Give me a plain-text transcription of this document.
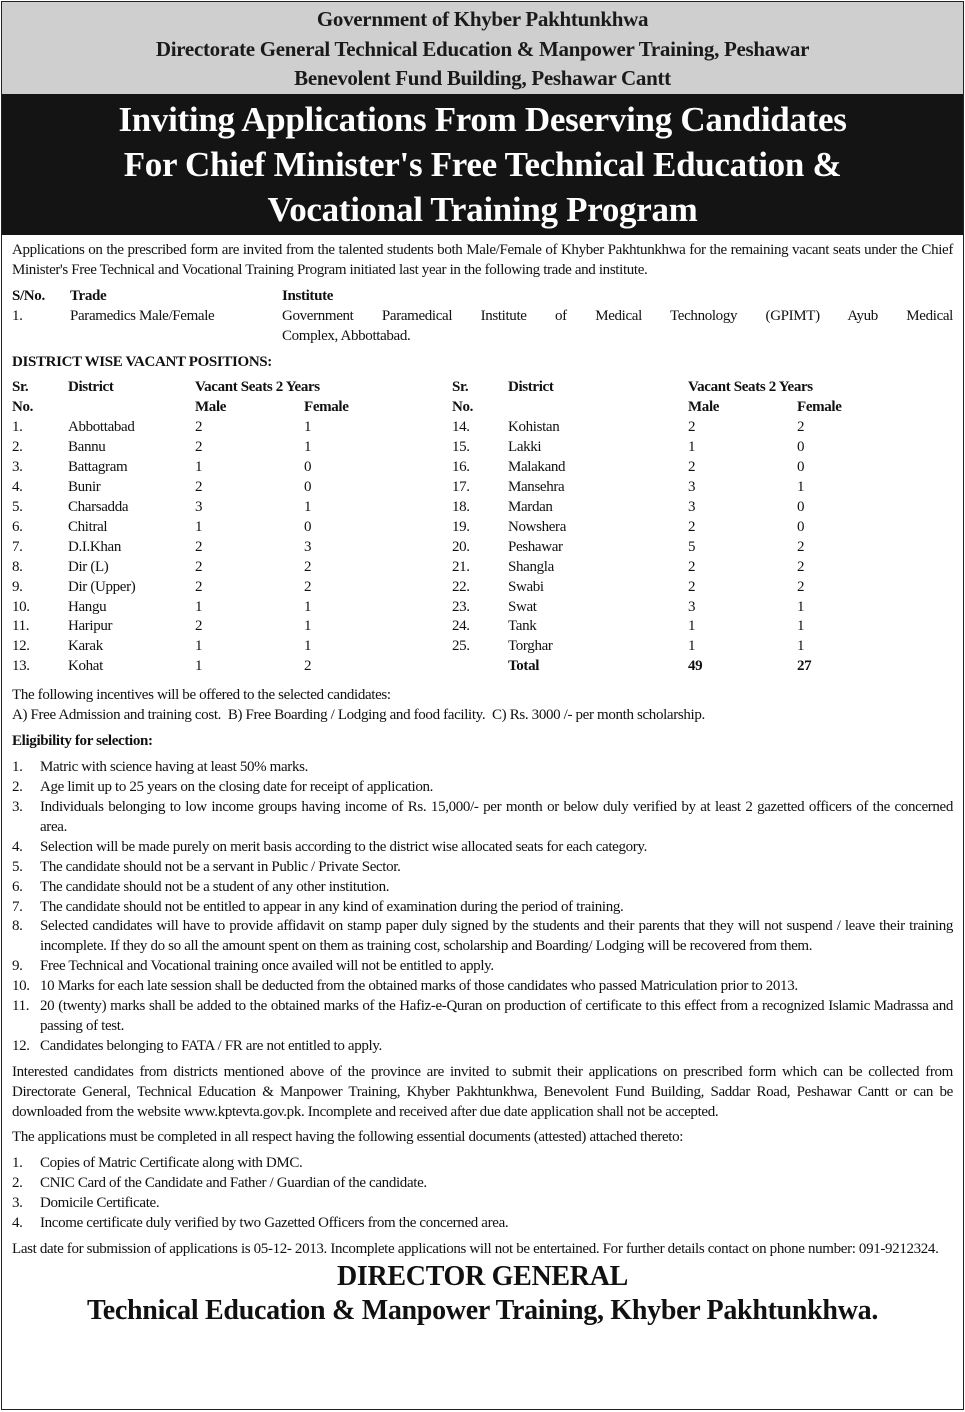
Government of Khyber Pakhtunkhwa
Directorate General Technical Education & Manpower Training, Peshawar
Benevolent Fund Building, Peshawar Cantt
Inviting Applications From Deserving Candidates
For Chief Minister's Free Technical Education &
Vocational Training Program

Applications on the prescribed form are invited from the talented students both Male/Female of Khyber Pakhtunkhwa for the remaining vacant seats under the Chief Minister's Free Technical and Vocational Training Program initiated last year in the following trade and institute.

S/No.	Trade	Institute
1.	Paramedics Male/Female	Government Paramedical Institute of Medical Technology (GPIMT) Ayub Medical
Complex, Abbottabad.
DISTRICT WISE VACANT POSITIONS:
Sr.
No.
District	Vacant Seats 2 Years
Male	Female
1.	Abbottabad	2	1
2.	Bannu	2	1
3.	Battagram	1	0
4.	Bunir	2	0
5.	Charsadda	3	1
6.	Chitral	1	0
7.	D.I.Khan	2	3
8.	Dir (L)	2	2
9.	Dir (Upper)	2	2
10.	Hangu	1	1
11.	Haripur	2	1
12.	Karak	1	1
13.	Kohat	1	2
Sr.
No.
District	Vacant Seats 2 Years
Male	Female
14.	Kohistan	2	2
15.	Lakki	1	0
16.	Malakand	2	0
17.	Mansehra	3	1
18.	Mardan	3	0
19.	Nowshera	2	0
20.	Peshawar	5	2
21.	Shangla	2	2
22.	Swabi	2	2
23.	Swat	3	1
24.	Tank	1	1
25.	Torghar	1	1
Total	49	27
The following incentives will be offered to the selected candidates:
A) Free Admission and training cost.  B) Free Boarding / Lodging and food facility.  C) Rs. 3000 /- per month scholarship.
Eligibility for selection:
1.	Matric with science having at least 50% marks.
2.	Age limit up to 25 years on the closing date for receipt of application.
3.	Individuals belonging to low income groups having income of Rs. 15,000/- per month or below duly verified by at least 2 gazetted officers of the concerned area.
4.	Selection will be made purely on merit basis according to the district wise allocated seats for each category.
5.	The candidate should not be a servant in Public / Private Sector.
6.	The candidate should not be a student of any other institution.
7.	The candidate should not be entitled to appear in any kind of examination during the period of training.
8.	Selected candidates will have to provide affidavit on stamp paper duly signed by the students and their parents that they will not suspend / leave their training incomplete. If they do so all the amount spent on them as training cost, scholarship and Boarding/ Lodging will be recovered from them.
9.	Free Technical and Vocational training once availed will not be entitled to apply.
10. 10 Marks for each late session shall be deducted from the obtained marks of those candidates who passed Matriculation prior to 2013.
11. 20 (twenty) marks shall be added to the obtained marks of the Hafiz-e-Quran on production of certificate to this effect from a recognized Islamic Madrassa and passing of test.
12. Candidates belonging to FATA / FR are not entitled to apply.

Interested candidates from districts mentioned above of the province are invited to submit their applications on prescribed form which can be collected from Directorate General, Technical Education & Manpower Training, Khyber Pakhtunkhwa, Benevolent Fund Building, Saddar Road, Peshawar Cantt or can be downloaded from the website www.kptevta.gov.pk. Incomplete and received after due date application shall not be accepted.

The applications must be completed in all respect having the following essential documents (attested) attached thereto:
1.	Copies of Matric Certificate along with DMC.
2.	CNIC Card of the Candidate and Father / Guardian of the candidate.
3.	Domicile Certificate.
4.	Income certificate duly verified by two Gazetted Officers from the concerned area.

Last date for submission of applications is 05-12- 2013. Incomplete applications will not be entertained. For further details contact on phone number: 091-9212324.

DIRECTOR GENERAL
Technical Education & Manpower Training, Khyber Pakhtunkhwa.
